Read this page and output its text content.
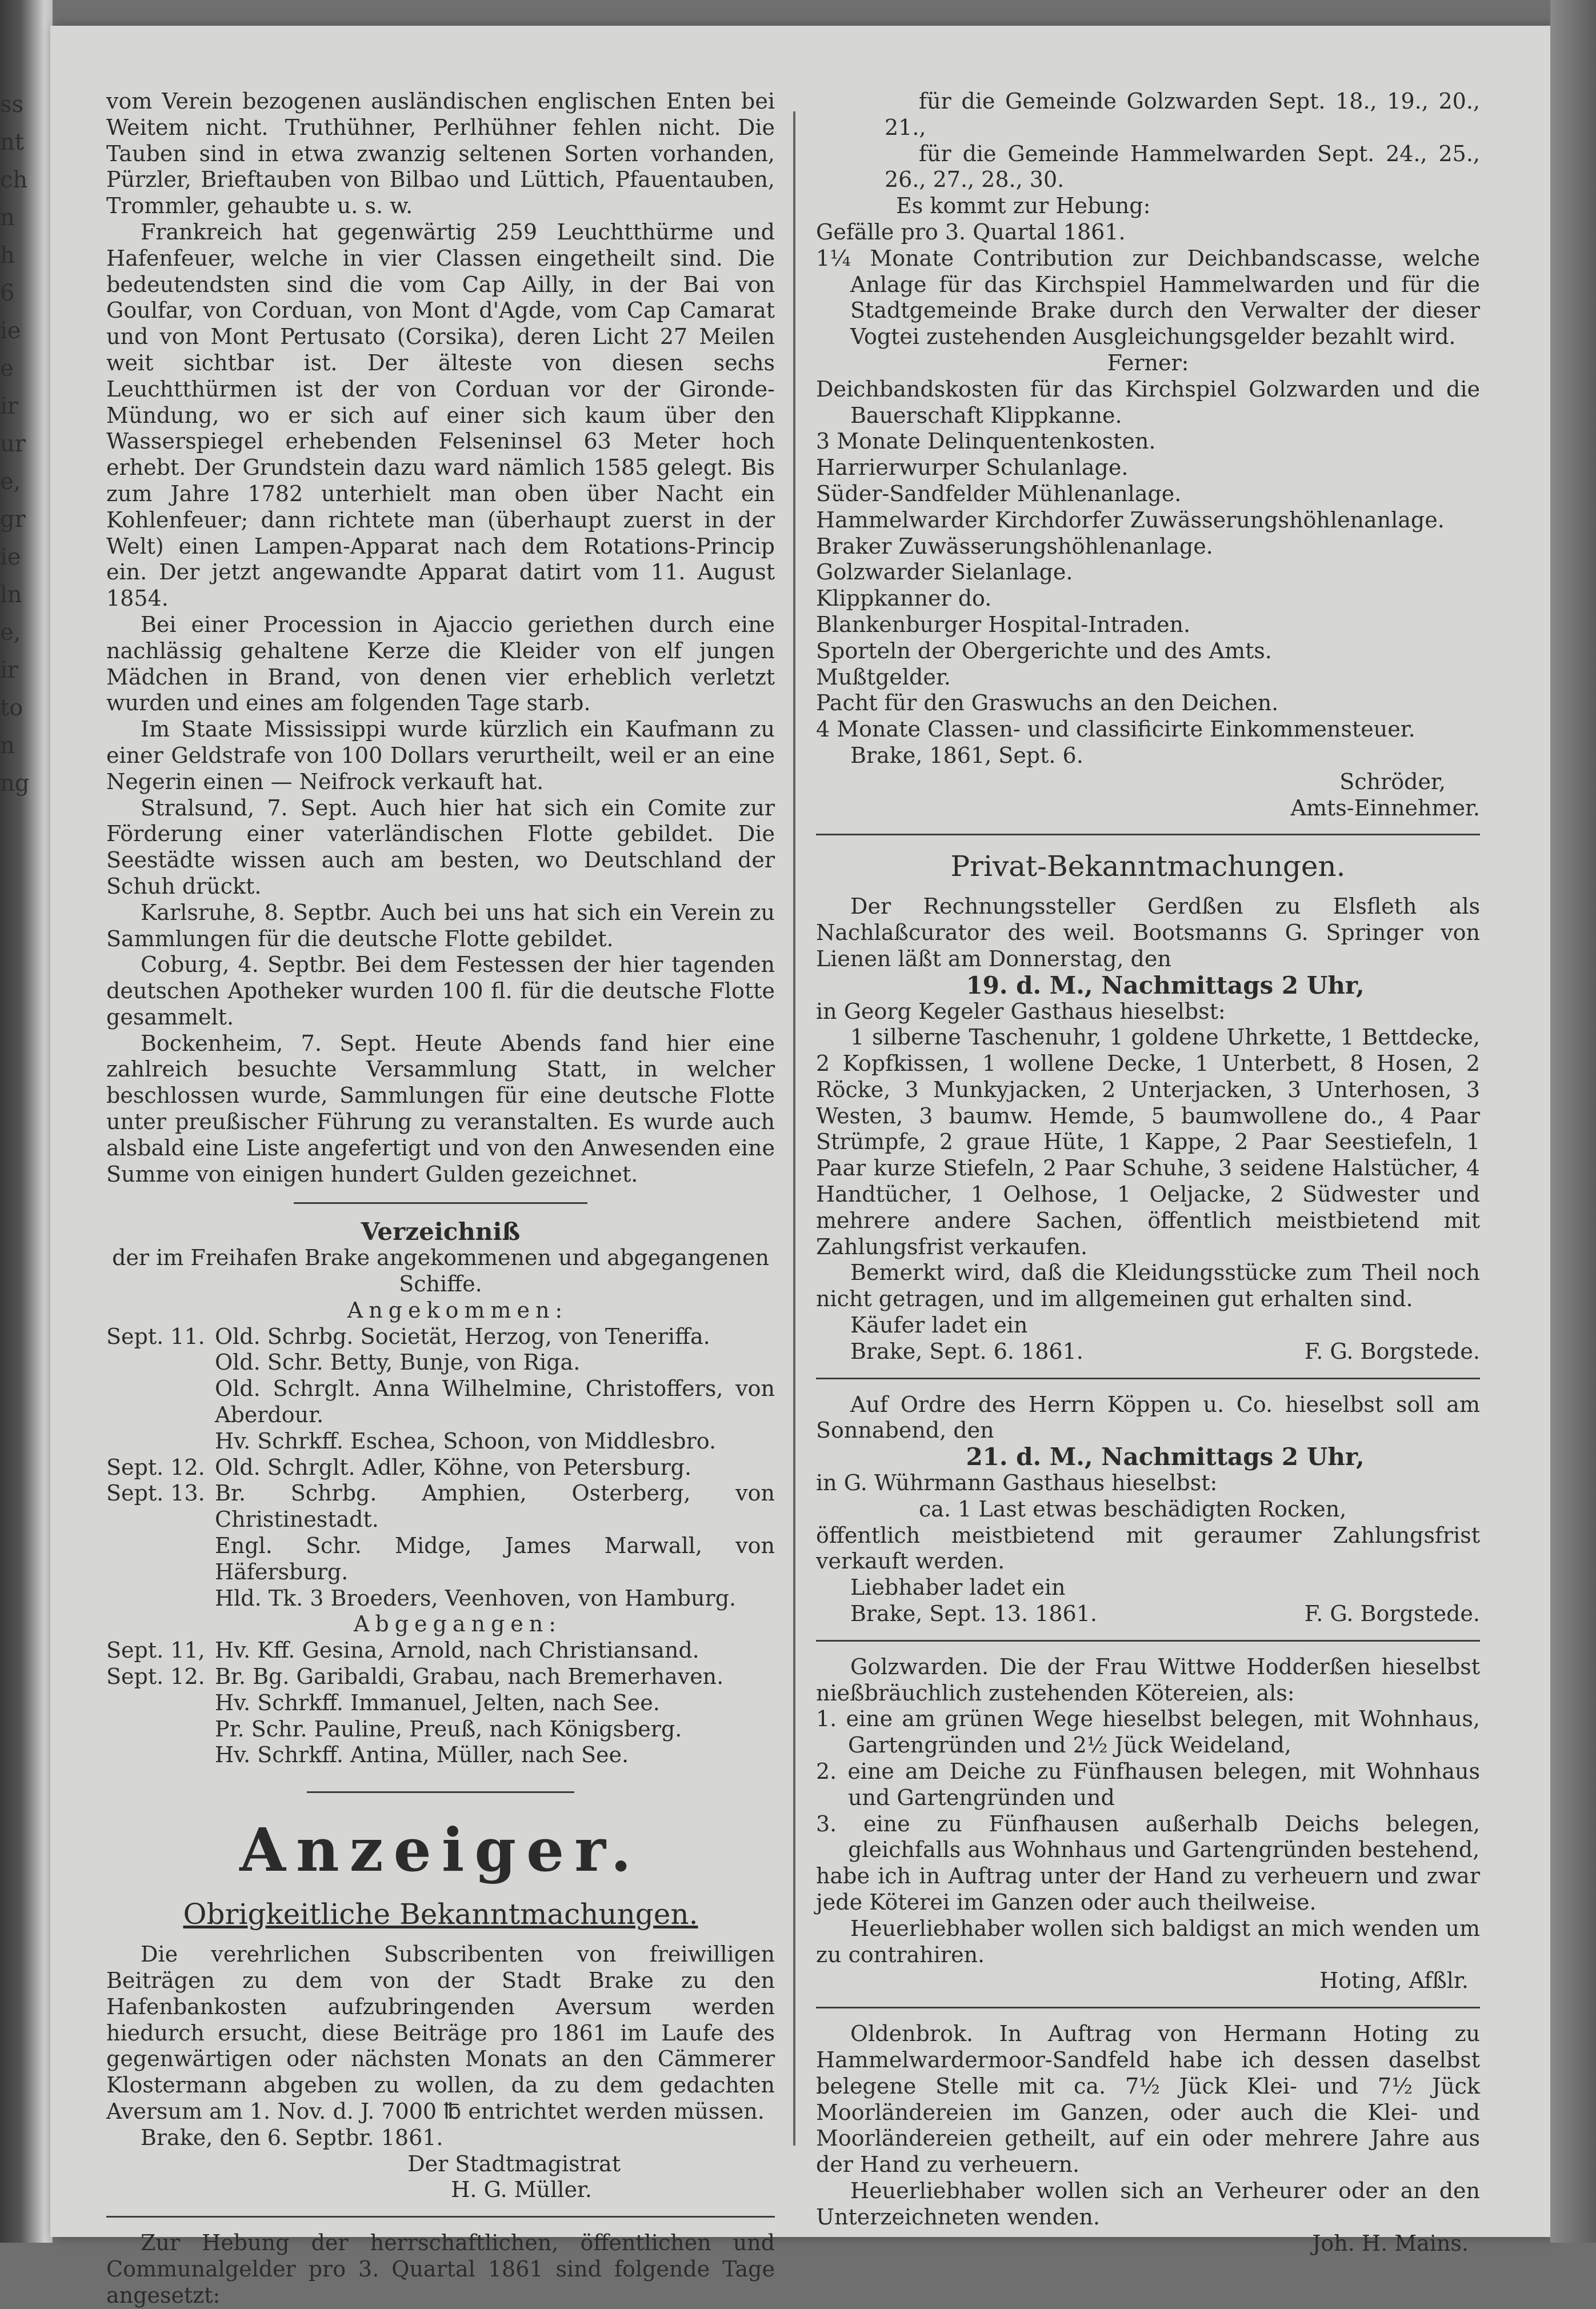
ss
nt
ch
n
h
6
ie
e
ir
ur
e,
gr
ie
ln
e,
ir
to
n
ng

vom Verein bezogenen ausländischen englischen Enten bei Weitem nicht. Truthühner, Perlhühner fehlen nicht. Die Tauben sind in etwa zwanzig seltenen Sorten vorhanden, Pürzler, Brieftauben von Bilbao und Lüttich, Pfauentauben, Trommler, gehaubte u. s. w.

Frankreich hat gegenwärtig 259 Leuchtthürme und Hafenfeuer, welche in vier Classen eingetheilt sind. Die bedeutendsten sind die vom Cap Ailly, in der Bai von Goulfar, von Corduan, von Mont d'Agde, vom Cap Camarat und von Mont Pertusato (Corsika), deren Licht 27 Meilen weit sichtbar ist. Der älteste von diesen sechs Leuchtthürmen ist der von Corduan vor der Gironde-Mündung, wo er sich auf einer sich kaum über den Wasserspiegel erhebenden Felseninsel 63 Meter hoch erhebt. Der Grundstein dazu ward nämlich 1585 gelegt. Bis zum Jahre 1782 unterhielt man oben über Nacht ein Kohlenfeuer; dann richtete man (überhaupt zuerst in der Welt) einen Lampen-Apparat nach dem Rotations-Princip ein. Der jetzt angewandte Apparat datirt vom 11. August 1854.

Bei einer Procession in Ajaccio geriethen durch eine nachlässig gehaltene Kerze die Kleider von elf jungen Mädchen in Brand, von denen vier erheblich verletzt wurden und eines am folgenden Tage starb.

Im Staate Mississippi wurde kürzlich ein Kaufmann zu einer Geldstrafe von 100 Dollars verurtheilt, weil er an eine Negerin einen — Neifrock verkauft hat.

Stralsund, 7. Sept. Auch hier hat sich ein Comite zur Förderung einer vaterländischen Flotte gebildet. Die Seestädte wissen auch am besten, wo Deutschland der Schuh drückt.

Karlsruhe, 8. Septbr. Auch bei uns hat sich ein Verein zu Sammlungen für die deutsche Flotte gebildet.

Coburg, 4. Septbr. Bei dem Festessen der hier tagenden deutschen Apotheker wurden 100 fl. für die deutsche Flotte gesammelt.

Bockenheim, 7. Sept. Heute Abends fand hier eine zahlreich besuchte Versammlung Statt, in welcher beschlossen wurde, Sammlungen für eine deutsche Flotte unter preußischer Führung zu veranstalten. Es wurde auch alsbald eine Liste angefertigt und von den Anwesenden eine Summe von einigen hundert Gulden gezeichnet.

Verzeichniß

der im Freihafen Brake angekommenen und abgegangenen Schiffe.

Angekommen:

Sept. 11. Old. Schrbg. Societät, Herzog, von Teneriffa.
Old. Schr. Betty, Bunje, von Riga.
Old. Schrglt. Anna Wilhelmine, Christoffers, von Aberdour.
Hv. Schrkff. Eschea, Schoon, von Middlesbro.
Sept. 12. Old. Schrglt. Adler, Köhne, von Petersburg.
Sept. 13. Br. Schrbg. Amphien, Osterberg, von Christinestadt.
Engl. Schr. Midge, James Marwall, von Häfersburg.
Hld. Tk. 3 Broeders, Veenhoven, von Hamburg.

Abgegangen:

Sept. 11, Hv. Kff. Gesina, Arnold, nach Christiansand.
Sept. 12. Br. Bg. Garibaldi, Grabau, nach Bremerhaven.
Hv. Schrkff. Immanuel, Jelten, nach See.
Pr. Schr. Pauline, Preuß, nach Königsberg.
Hv. Schrkff. Antina, Müller, nach See.
Anzeiger.
Obrigkeitliche Bekanntmachungen.

Die verehrlichen Subscribenten von freiwilligen Beiträgen zu dem von der Stadt Brake zu den Hafenbankosten aufzubringenden Aversum werden hiedurch ersucht, diese Beiträge pro 1861 im Laufe des gegenwärtigen oder nächsten Monats an den Cämmerer Klostermann abgeben zu wollen, da zu dem gedachten Aversum am 1. Nov. d. J. 7000 ℔ entrichtet werden müssen.

Brake, den 6. Septbr. 1861.

Der Stadtmagistrat

H. G. Müller.

Zur Hebung der herrschaftlichen, öffentlichen und Communalgelder pro 3. Quartal 1861 sind folgende Tage angesetzt:

für die Gemeinde Golzwarden Sept. 18., 19., 20., 21.,

für die Gemeinde Hammelwarden Sept. 24., 25., 26., 27., 28., 30.

Es kommt zur Hebung:

Gefälle pro 3. Quartal 1861.

1¼ Monate Contribution zur Deichbandscasse, welche Anlage für das Kirchspiel Hammelwarden und für die Stadtgemeinde Brake durch den Verwalter der dieser Vogtei zustehenden Ausgleichungsgelder bezahlt wird.

Ferner:

Deichbandskosten für das Kirchspiel Golzwarden und die Bauerschaft Klippkanne.

3 Monate Delinquentenkosten.

Harrierwurper Schulanlage.

Süder-Sandfelder Mühlenanlage.

Hammelwarder Kirchdorfer Zuwässerungshöhlenanlage.

Braker Zuwässerungshöhlenanlage.

Golzwarder Sielanlage.

Klippkanner do.

Blankenburger Hospital-Intraden.

Sporteln der Obergerichte und des Amts.

Mußtgelder.

Pacht für den Graswuchs an den Deichen.

4 Monate Classen- und classificirte Einkommensteuer.

Brake, 1861, Sept. 6.

Schröder,

Amts-Einnehmer.

Privat-Bekanntmachungen.

Der Rechnungssteller Gerdßen zu Elsfleth als Nachlaßcurator des weil. Bootsmanns G. Springer von Lienen läßt am Donnerstag, den

19. d. M., Nachmittags 2 Uhr,

in Georg Kegeler Gasthaus hieselbst:

1 silberne Taschenuhr, 1 goldene Uhrkette, 1 Bettdecke, 2 Kopfkissen, 1 wollene Decke, 1 Unterbett, 8 Hosen, 2 Röcke, 3 Munkyjacken, 2 Unterjacken, 3 Unterhosen, 3 Westen, 3 baumw. Hemde, 5 baumwollene do., 4 Paar Strümpfe, 2 graue Hüte, 1 Kappe, 2 Paar Seestiefeln, 1 Paar kurze Stiefeln, 2 Paar Schuhe, 3 seidene Halstücher, 4 Handtücher, 1 Oelhose, 1 Oeljacke, 2 Südwester und mehrere andere Sachen, öffentlich meistbietend mit Zahlungsfrist verkaufen.

Bemerkt wird, daß die Kleidungsstücke zum Theil noch nicht getragen, und im allgemeinen gut erhalten sind.

Käufer ladet ein

Brake, Sept. 6. 1861.	F. G. Borgstede.

Auf Ordre des Herrn Köppen u. Co. hieselbst soll am Sonnabend, den

21. d. M., Nachmittags 2 Uhr,

in G. Wührmann Gasthaus hieselbst:

ca. 1 Last etwas beschädigten Rocken,

öffentlich meistbietend mit geraumer Zahlungsfrist verkauft werden.

Liebhaber ladet ein

Brake, Sept. 13. 1861.	F. G. Borgstede.

Golzwarden. Die der Frau Wittwe Hodderßen hieselbst nießbräuchlich zustehenden Kötereien, als:

1. eine am grünen Wege hieselbst belegen, mit Wohnhaus, Gartengründen und 2½ Jück Weideland,

2. eine am Deiche zu Fünfhausen belegen, mit Wohnhaus und Gartengründen und

3. eine zu Fünfhausen außerhalb Deichs belegen, gleichfalls aus Wohnhaus und Gartengründen bestehend,

habe ich in Auftrag unter der Hand zu verheuern und zwar jede Köterei im Ganzen oder auch theilweise.

Heuerliebhaber wollen sich baldigst an mich wenden um zu contrahiren.

Hoting, Afßlr.

Oldenbrok. In Auftrag von Hermann Hoting zu Hammelwardermoor-Sandfeld habe ich dessen daselbst belegene Stelle mit ca. 7½ Jück Klei- und 7½ Jück Moorländereien im Ganzen, oder auch die Klei- und Moorländereien getheilt, auf ein oder mehrere Jahre aus der Hand zu verheuern.

Heuerliebhaber wollen sich an Verheurer oder an den Unterzeichneten wenden.

Joh. H. Mains.
